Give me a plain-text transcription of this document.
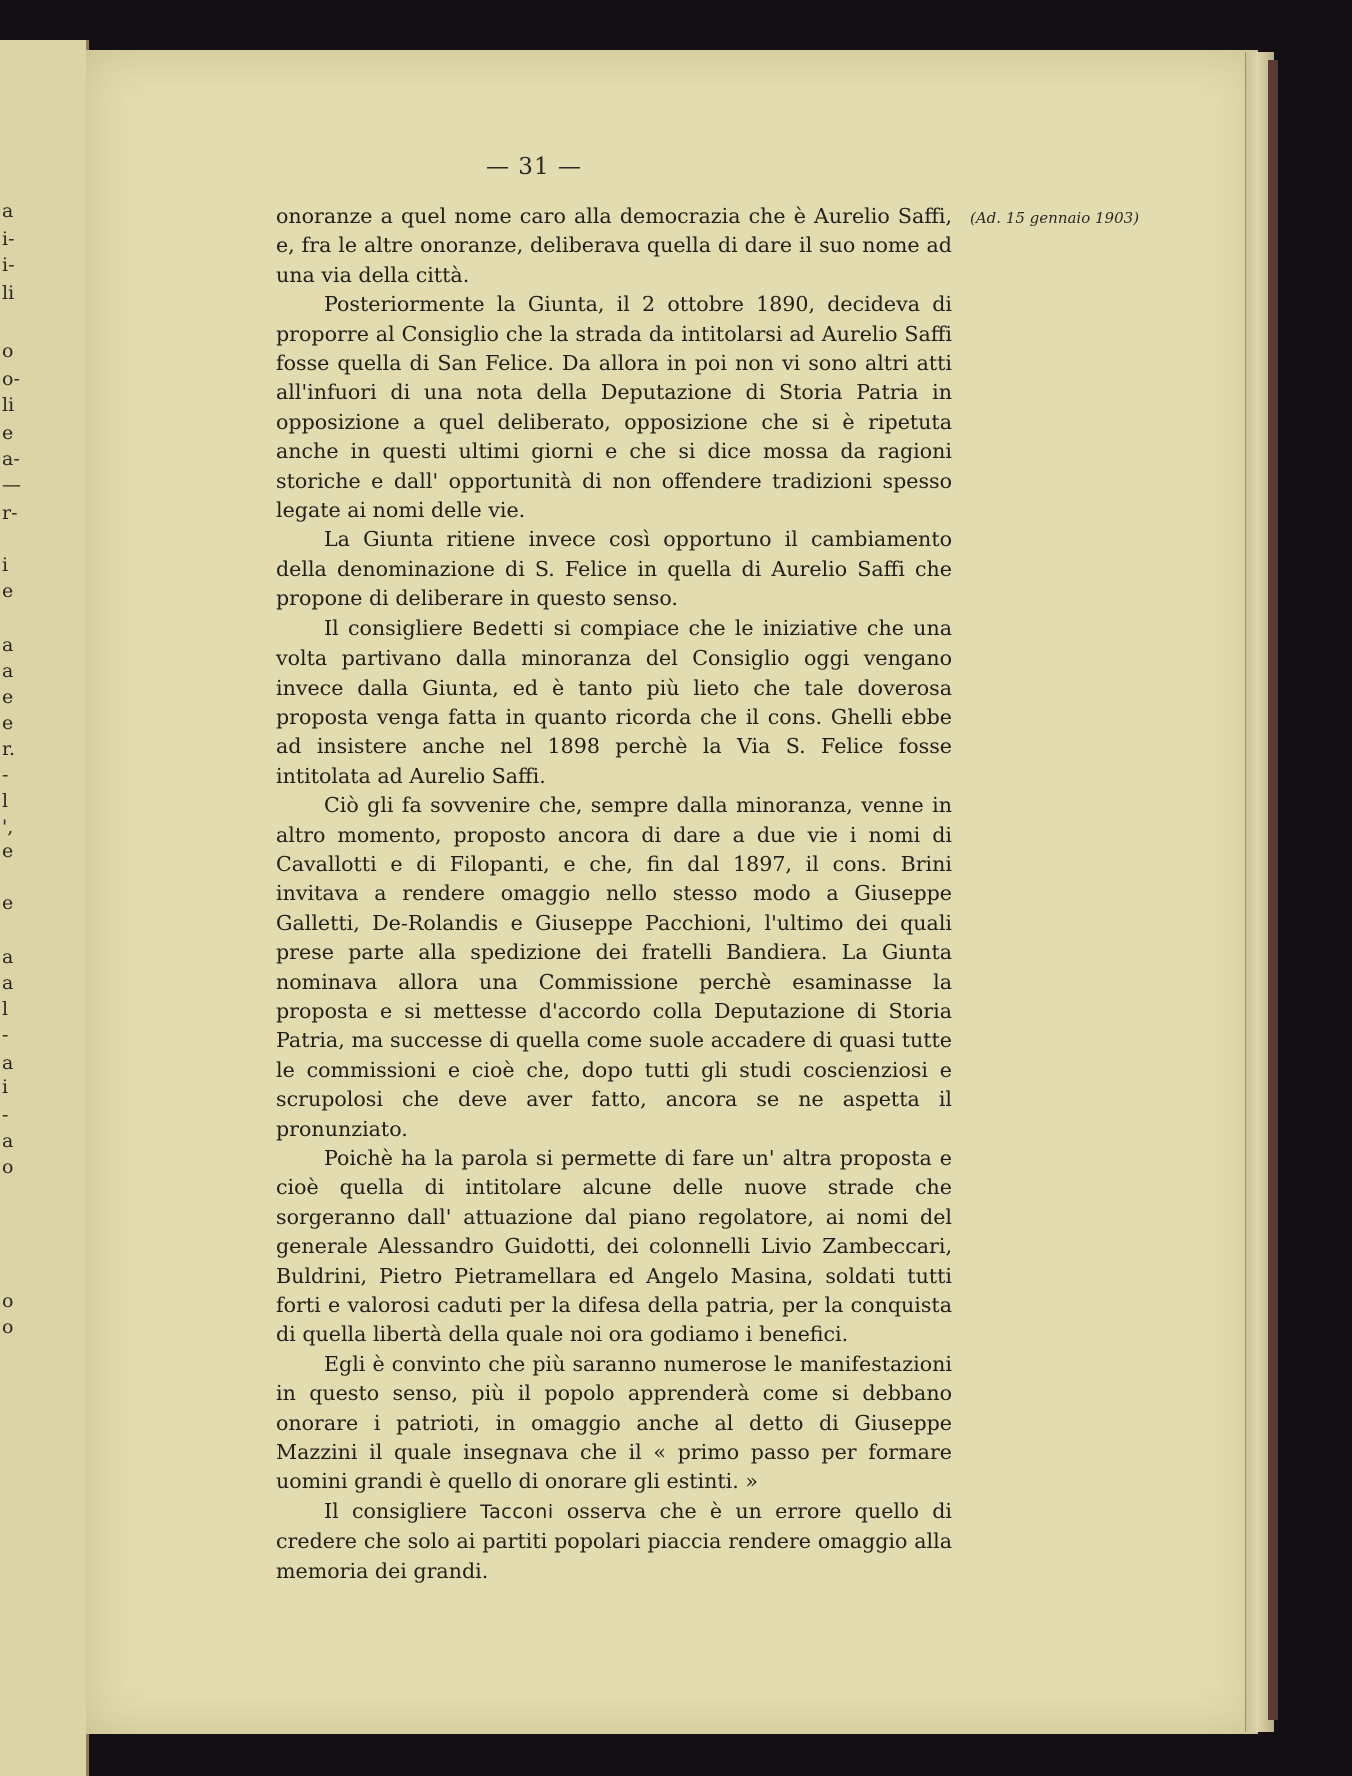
a
i-
i-
li
o
o-
li
e
a-
—
r-
i
e
a
a
e
e
r.
-
l
',
e
e
a
a
l
-
a
i
-
a
o
o
o
— 31 —
(Ad. 15 gennaio 1903)

onoranze a quel nome caro alla democrazia che è Aurelio Saffi, e, fra le altre onoranze, deliberava quella di dare il suo nome ad una via della città.

Posteriormente la Giunta, il 2 ottobre 1890, decideva di proporre al Consiglio che la strada da intitolarsi ad Aurelio Saffi fosse quella di San Felice. Da allora in poi non vi sono altri atti all'infuori di una nota della Deputazione di Storia Patria in opposizione a quel deliberato, opposizione che si è ripetuta anche in questi ultimi giorni e che si dice mossa da ragioni storiche e dall' opportunità di non offendere tradizioni spesso legate ai nomi delle vie.

La Giunta ritiene invece così opportuno il cambiamento della denominazione di S. Felice in quella di Aurelio Saffi che propone di deliberare in questo senso.

Il consigliere Bedetti si compiace che le iniziative che una volta partivano dalla minoranza del Consiglio oggi vengano invece dalla Giunta, ed è tanto più lieto che tale doverosa proposta venga fatta in quanto ricorda che il cons. Ghelli ebbe ad insistere anche nel 1898 perchè la Via S. Felice fosse intitolata ad Aurelio Saffi.

Ciò gli fa sovvenire che, sempre dalla minoranza, venne in altro momento, proposto ancora di dare a due vie i nomi di Cavallotti e di Filopanti, e che, fin dal 1897, il cons. Brini invitava a rendere omaggio nello stesso modo a Giuseppe Galletti, De-Rolandis e Giuseppe Pacchioni, l'ultimo dei quali prese parte alla spedizione dei fratelli Bandiera. La Giunta nominava allora una Commissione perchè esaminasse la proposta e si mettesse d'accordo colla Deputazione di Storia Patria, ma successe di quella come suole accadere di quasi tutte le commissioni e cioè che, dopo tutti gli studi coscienziosi e scrupolosi che deve aver fatto, ancora se ne aspetta il pronunziato.

Poichè ha la parola si permette di fare un' altra proposta e cioè quella di intitolare alcune delle nuove strade che sorgeranno dall' attuazione dal piano regolatore, ai nomi del generale Alessandro Guidotti, dei colonnelli Livio Zambeccari, Buldrini, Pietro Pietramellara ed Angelo Masina, soldati tutti forti e valorosi caduti per la difesa della patria, per la conquista di quella libertà della quale noi ora godiamo i benefici.

Egli è convinto che più saranno numerose le manifestazioni in questo senso, più il popolo apprenderà come si debbano onorare i patrioti, in omaggio anche al detto di Giuseppe Mazzini il quale insegnava che il « primo passo per formare uomini grandi è quello di onorare gli estinti. »

Il consigliere Tacconi osserva che è un errore quello di credere che solo ai partiti popolari piaccia rendere omaggio alla memoria dei grandi.
